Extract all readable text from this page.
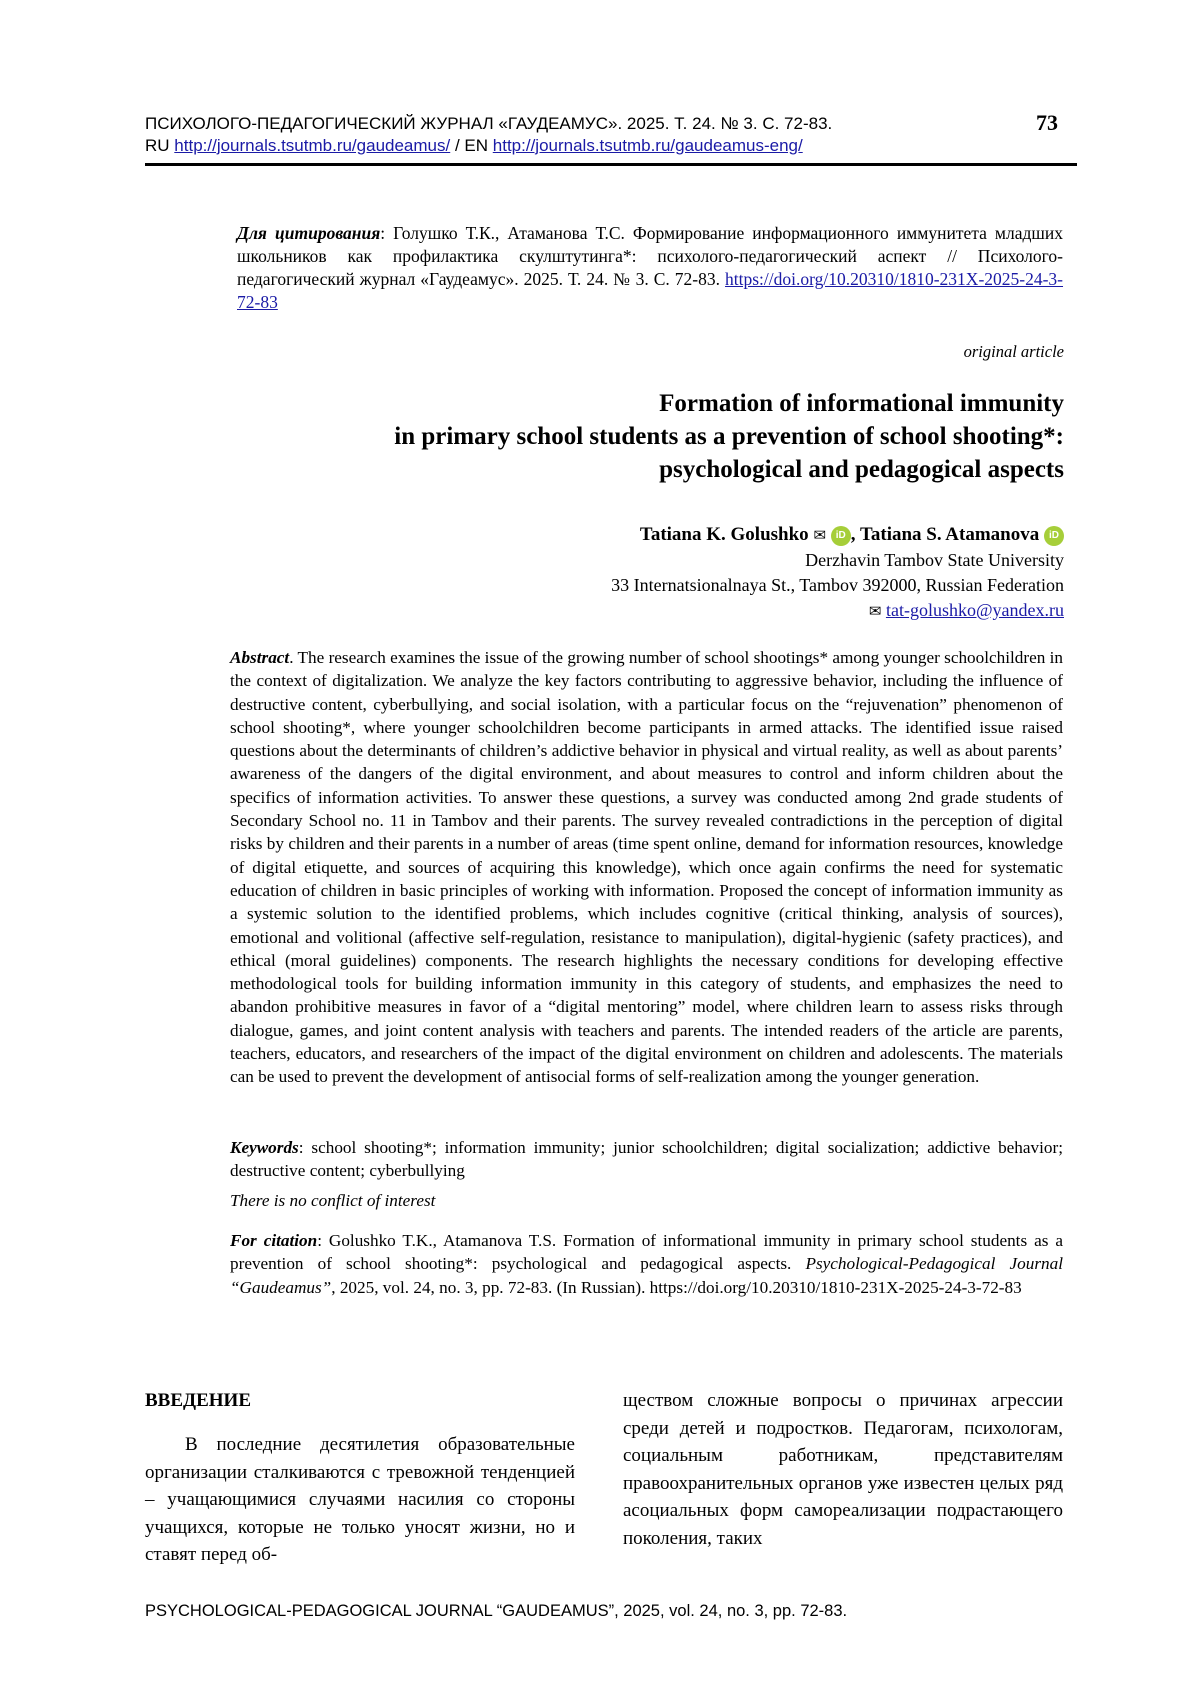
ПСИХОЛОГО-ПЕДАГОГИЧЕСКИЙ ЖУРНАЛ «ГАУДЕАМУС». 2025. Т. 24. № 3. С. 72-83.
RU http://journals.tsutmb.ru/gaudeamus/ / EN http://journals.tsutmb.ru/gaudeamus-eng/
73
Для цитирования: Голушко Т.К., Атаманова Т.С. Формирование информационного иммунитета младших школьников как профилактика скулштутинга*: психолого-педагогический аспект // Психолого-педагогический журнал «Гаудеамус». 2025. Т. 24. № 3. С. 72-83. https://doi.org/10.20310/1810-231X-2025-24-3-72-83
original article
Formation of informational immunity
in primary school students as a prevention of school shooting*:
psychological and pedagogical aspects
Tatiana K. Golushko ✉ iD , Tatiana S. Atamanova iD
Derzhavin Tambov State University
33 Internatsionalnaya St., Tambov 392000, Russian Federation
✉ tat-golushko@yandex.ru
Abstract. The research examines the issue of the growing number of school shootings* among younger schoolchildren in the context of digitalization. We analyze the key factors contributing to aggressive behavior, including the influence of destructive content, cyberbullying, and social isolation, with a particular focus on the “rejuvenation” phenomenon of school shooting*, where younger schoolchildren become participants in armed attacks. The identified issue raised questions about the determinants of children’s addictive behavior in physical and virtual reality, as well as about parents’ awareness of the dangers of the digital environment, and about measures to control and inform children about the specifics of information activities. To answer these questions, a survey was conducted among 2nd grade students of Secondary School no. 11 in Tambov and their parents. The survey revealed contradictions in the perception of digital risks by children and their parents in a number of areas (time spent online, demand for information resources, knowledge of digital etiquette, and sources of acquiring this knowledge), which once again confirms the need for systematic education of children in basic principles of working with information. Proposed the concept of information immunity as a systemic solution to the identified problems, which includes cognitive (critical thinking, analysis of sources), emotional and volitional (affective self-regulation, resistance to manipulation), digital-hygienic (safety practices), and ethical (moral guidelines) components. The research highlights the necessary conditions for developing effective methodological tools for building information immunity in this category of students, and emphasizes the need to abandon prohibitive measures in favor of a “digital mentoring” model, where children learn to assess risks through dialogue, games, and joint content analysis with teachers and parents. The intended readers of the article are parents, teachers, educators, and researchers of the impact of the digital environment on children and adolescents. The materials can be used to prevent the development of antisocial forms of self-realization among the younger generation.
Keywords: school shooting*; information immunity; junior schoolchildren; digital socialization; addictive behavior; destructive content; cyberbullying
There is no conflict of interest
For citation: Golushko T.K., Atamanova T.S. Formation of informational immunity in primary school students as a prevention of school shooting*: psychological and pedagogical aspects. Psychological-Pedagogical Journal “Gaudeamus”, 2025, vol. 24, no. 3, pp. 72-83. (In Russian). https://doi.org/10.20310/1810-231X-2025-24-3-72-83
ВВЕДЕНИЕ

В последние десятилетия образовательные организации сталкиваются с тревожной тенденцией – учащающимися случаями насилия со стороны учащихся, которые не только уносят жизни, но и ставят перед об-

ществом сложные вопросы о причинах агрессии среди детей и подростков. Педагогам, психологам, социальным работникам, представителям правоохранительных органов уже известен целых ряд асоциальных форм самореализации подрастающего поколения, таких

PSYCHOLOGICAL-PEDAGOGICAL JOURNAL “GAUDEAMUS”, 2025, vol. 24, no. 3, pp. 72-83.
